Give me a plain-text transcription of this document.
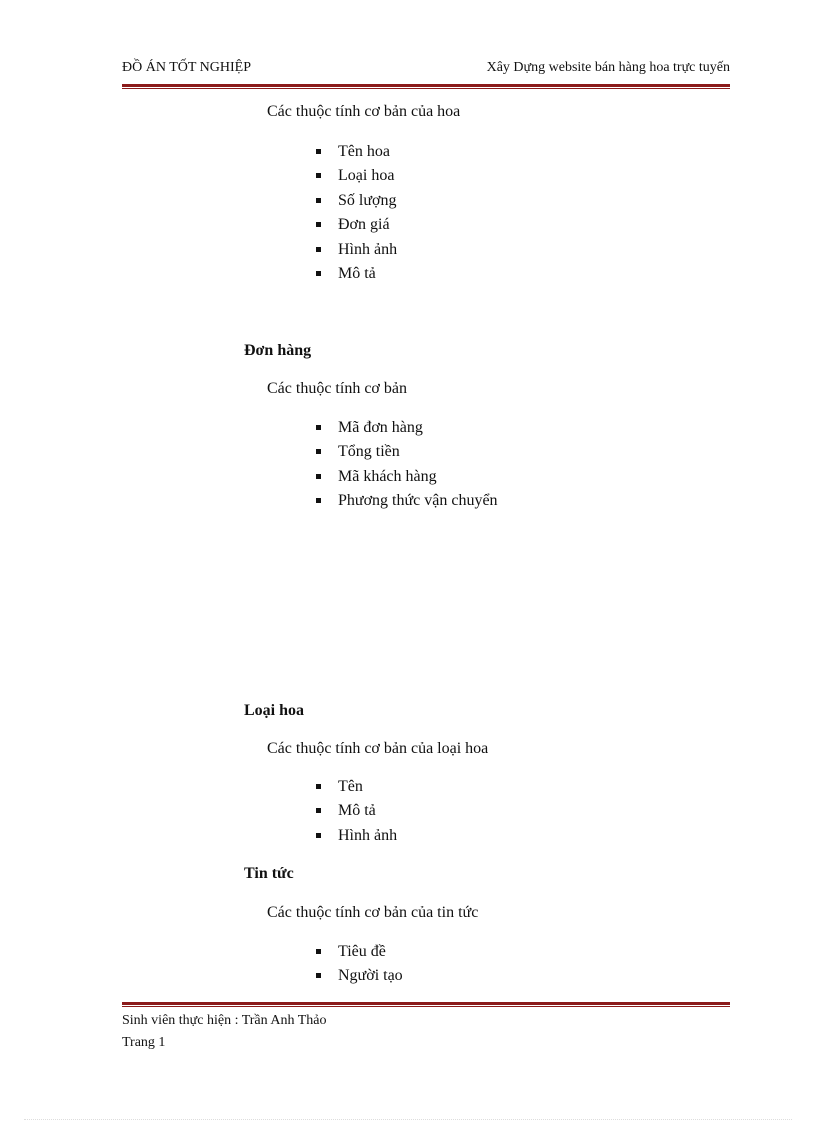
ĐỒ ÁN TỐT NGHIỆP	Xây Dựng website bán hàng hoa trực tuyến
Các thuộc tính cơ bản của hoa
Tên hoa
Loại hoa
Số lượng
Đơn giá
Hình ảnh
Mô tả
Đơn hàng
Các thuộc tính cơ bản
Mã đơn hàng
Tổng tiền
Mã khách hàng
Phương thức vận chuyển
Loại hoa
Các thuộc tính cơ bản của loại hoa
Tên
Mô tả
Hình ảnh
Tin tức
Các thuộc tính cơ bản của tin tức
Tiêu đề
Người tạo
Sinh viên thực hiện : Trần Anh Thảo
Trang 1
